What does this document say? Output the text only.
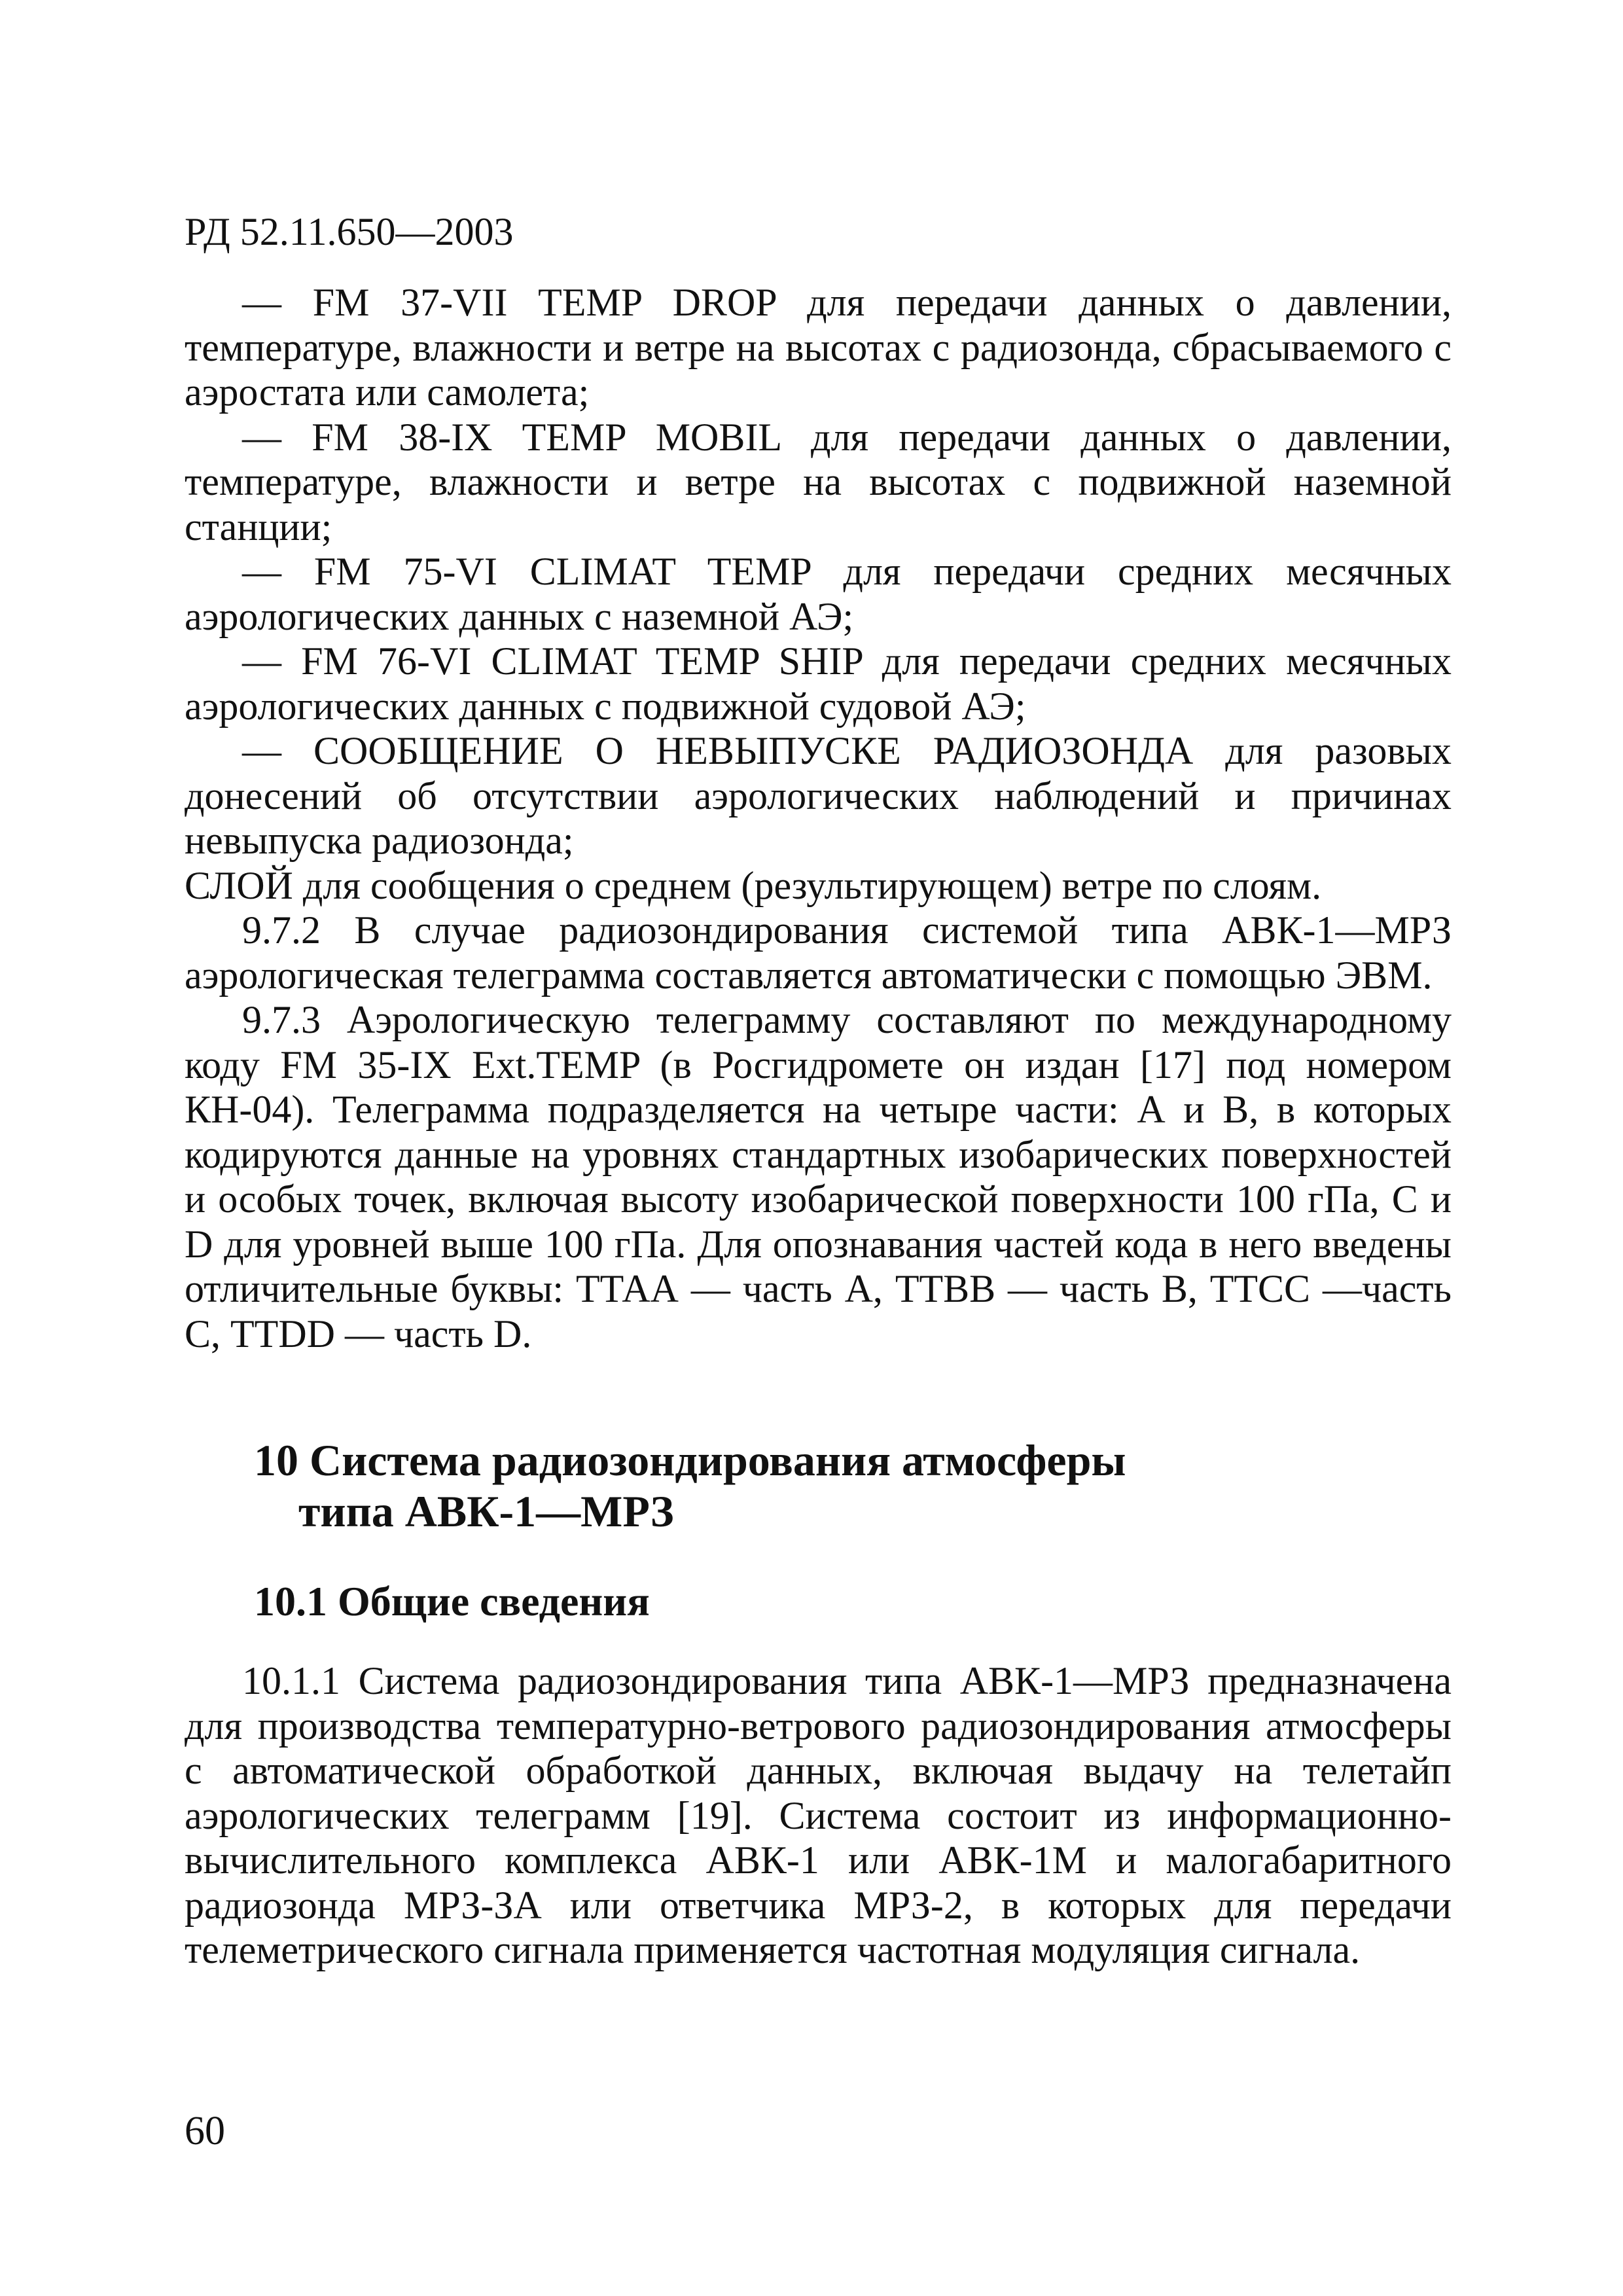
РД 52.11.650—2003

— FM 37-VII TEMP DROP для передачи данных о давлении, температуре, влажности и ветре на высотах с радиозонда, сбрасываемого с аэростата или самолета;

— FM 38-IX TEMP MOBIL для передачи данных о давлении, температуре, влажности и ветре на высотах с подвижной наземной станции;

— FM 75-VI CLIMAT TEMP для передачи средних месячных аэрологических данных с наземной АЭ;

— FM 76-VI CLIMAT TEMP SHIP для передачи средних месячных аэрологических данных с подвижной судовой АЭ;

— СООБЩЕНИЕ О НЕВЫПУСКЕ РАДИОЗОНДА для разовых донесений об отсутствии аэрологических наблюдений и причинах невыпуска радиозонда;

СЛОЙ для сообщения о среднем (результирующем) ветре по слоям.

9.7.2 В случае радиозондирования системой типа АВК-1—МРЗ аэрологическая телеграмма составляется автоматически с помощью ЭВМ.

9.7.3 Аэрологическую телеграмму составляют по международному коду FM 35-IX Ext.TEMP (в Росгидромете он издан [17] под номером КН-04). Телеграмма подразделяется на четыре части: А и В, в которых кодируются данные на уровнях стандартных изобарических поверхностей и особых точек, включая высоту изобарической поверхности 100 гПа, С и D для уровней выше 100 гПа. Для опознавания частей кода в него введены отличительные буквы: ТТАА — часть А, ТТВВ — часть В, ТТСС —часть С, TTDD — часть D.

10 Система радиозондирования атмосферы
типа АВК-1—МРЗ
10.1 Общие сведения

10.1.1 Система радиозондирования типа АВК-1—МРЗ предназначена для производства температурно-ветрового радиозондирования атмосферы с автоматической обработкой данных, включая выдачу на телетайп аэрологических телеграмм [19]. Система состоит из информационно-вычислительного комплекса АВК-1 или АВК-1М и малогабаритного радиозонда МРЗ-ЗА или ответчика МРЗ-2, в которых для передачи телеметрического сигнала применяется частотная модуляция сигнала.

60
